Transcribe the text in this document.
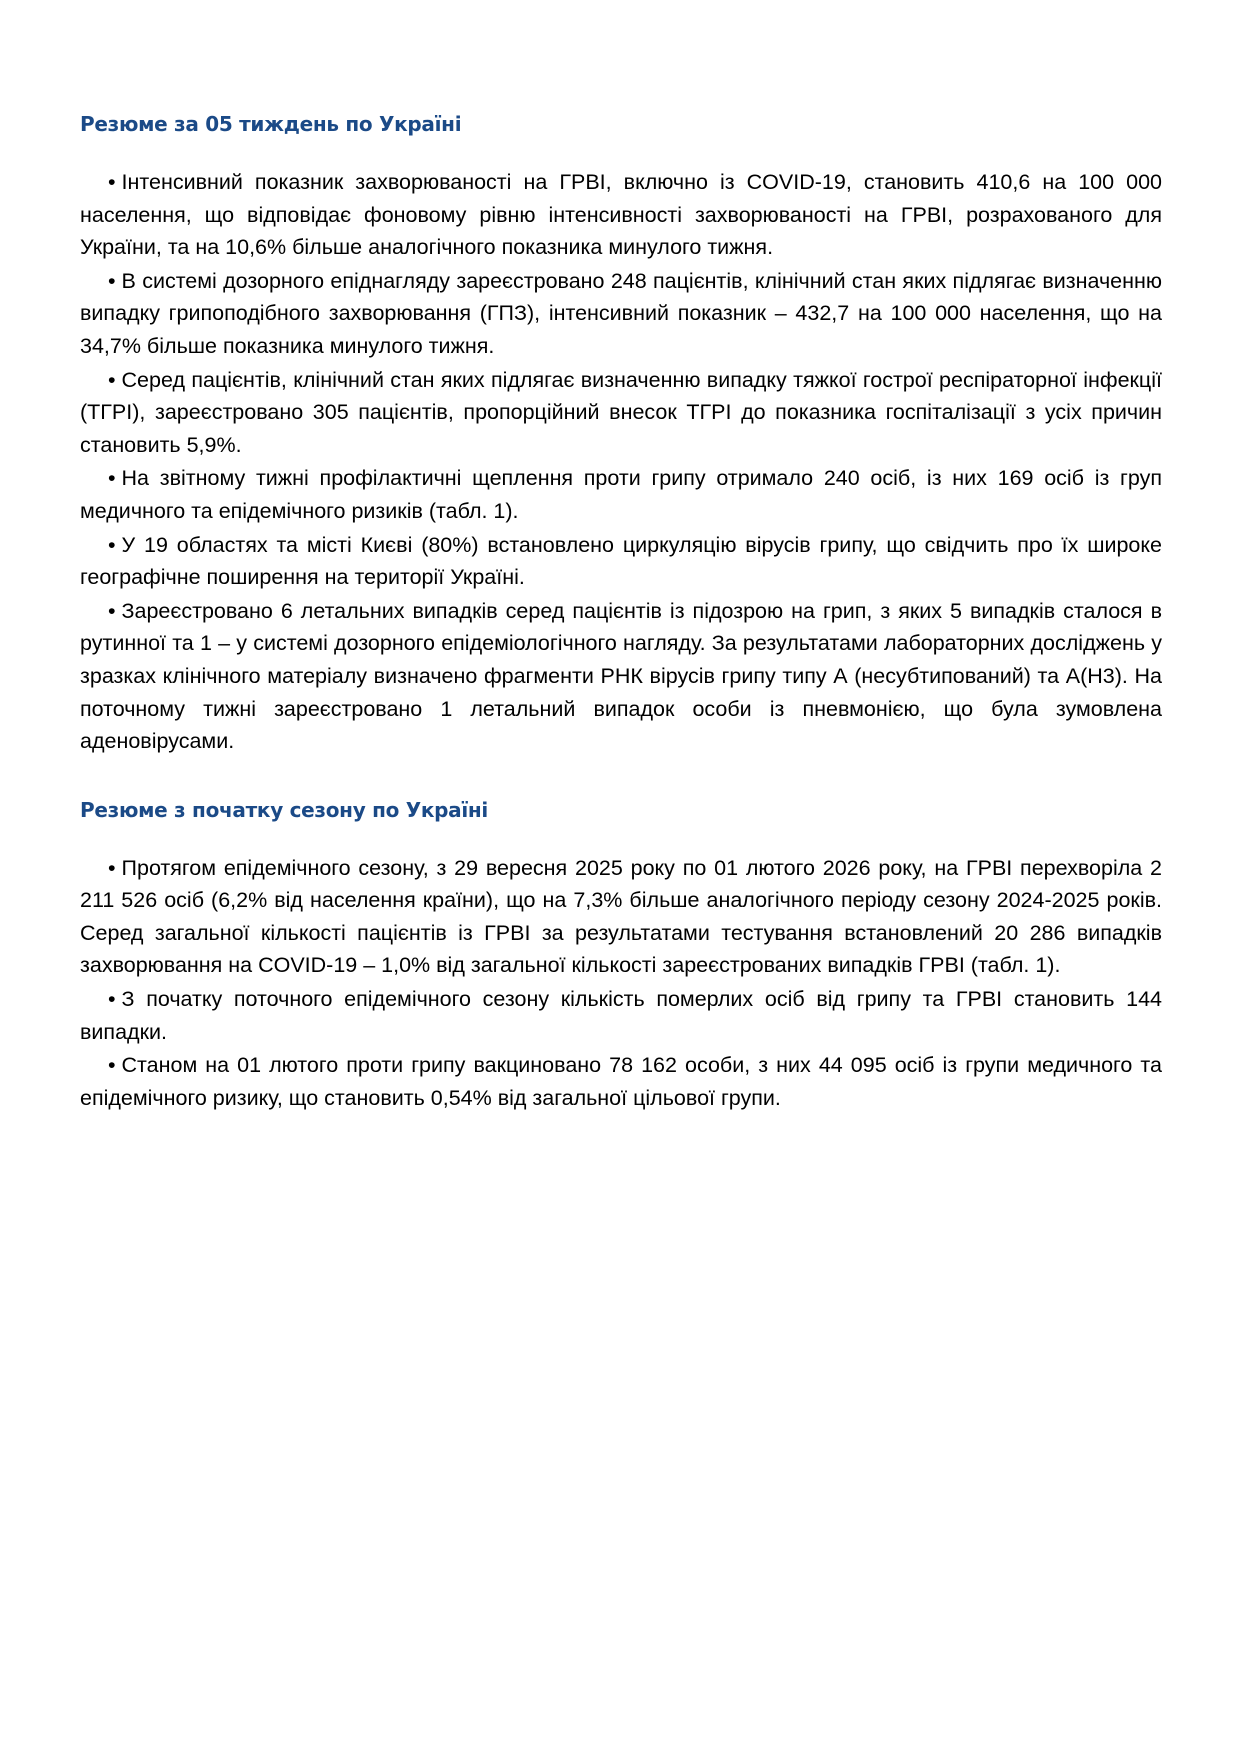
Резюме за 05 тиждень по Україні
• Інтенсивний показник захворюваності на ГРВІ, включно із COVID-19, становить 410,6 на 100 000 населення, що відповідає фоновому рівню інтенсивності захворюваності на ГРВІ, розрахованого для України, та на 10,6% більше аналогічного показника минулого тижня.
• В системі дозорного епіднагляду зареєстровано 248 пацієнтів, клінічний стан яких підлягає визначенню випадку грипоподібного захворювання (ГПЗ), інтенсивний показник – 432,7 на 100 000 населення, що на 34,7% більше показника минулого тижня.
• Серед пацієнтів, клінічний стан яких підлягає визначенню випадку тяжкої гострої респіраторної інфекції (ТГРІ), зареєстровано 305 пацієнтів, пропорційний внесок ТГРІ до показника госпіталізації з усіх причин становить 5,9%.
• На звітному тижні профілактичні щеплення проти грипу отримало 240 осіб, із них 169 осіб із груп медичного та епідемічного ризиків (табл. 1).
• У 19 областях та місті Києві (80%) встановлено циркуляцію вірусів грипу, що свідчить про їх широке географічне поширення на території Україні.
• Зареєстровано 6 летальних випадків серед пацієнтів із підозрою на грип, з яких 5 випадків сталося в рутинної та 1 – у системі дозорного епідеміологічного нагляду. За результатами лабораторних досліджень у зразках клінічного матеріалу визначено фрагменти РНК вірусів грипу типу А (несубтипований) та А(Н3). На поточному тижні зареєстровано 1 летальний випадок особи із пневмонією, що була зумовлена аденовірусами.
Резюме з початку сезону по Україні
• Протягом епідемічного сезону, з 29 вересня 2025 року по 01 лютого 2026 року, на ГРВІ перехворіла 2 211 526 осіб (6,2% від населення країни), що на 7,3% більше аналогічного періоду сезону 2024-2025 років. Серед загальної кількості пацієнтів із ГРВІ за результатами тестування встановлений 20 286 випадків захворювання на COVID-19 – 1,0% від загальної кількості зареєстрованих випадків ГРВІ (табл. 1).
• З початку поточного епідемічного сезону кількість померлих осіб від грипу та ГРВІ становить 144 випадки.
• Станом на 01 лютого проти грипу вакциновано 78 162 особи, з них 44 095 осіб із групи медичного та епідемічного ризику, що становить 0,54% від загальної цільової групи.
